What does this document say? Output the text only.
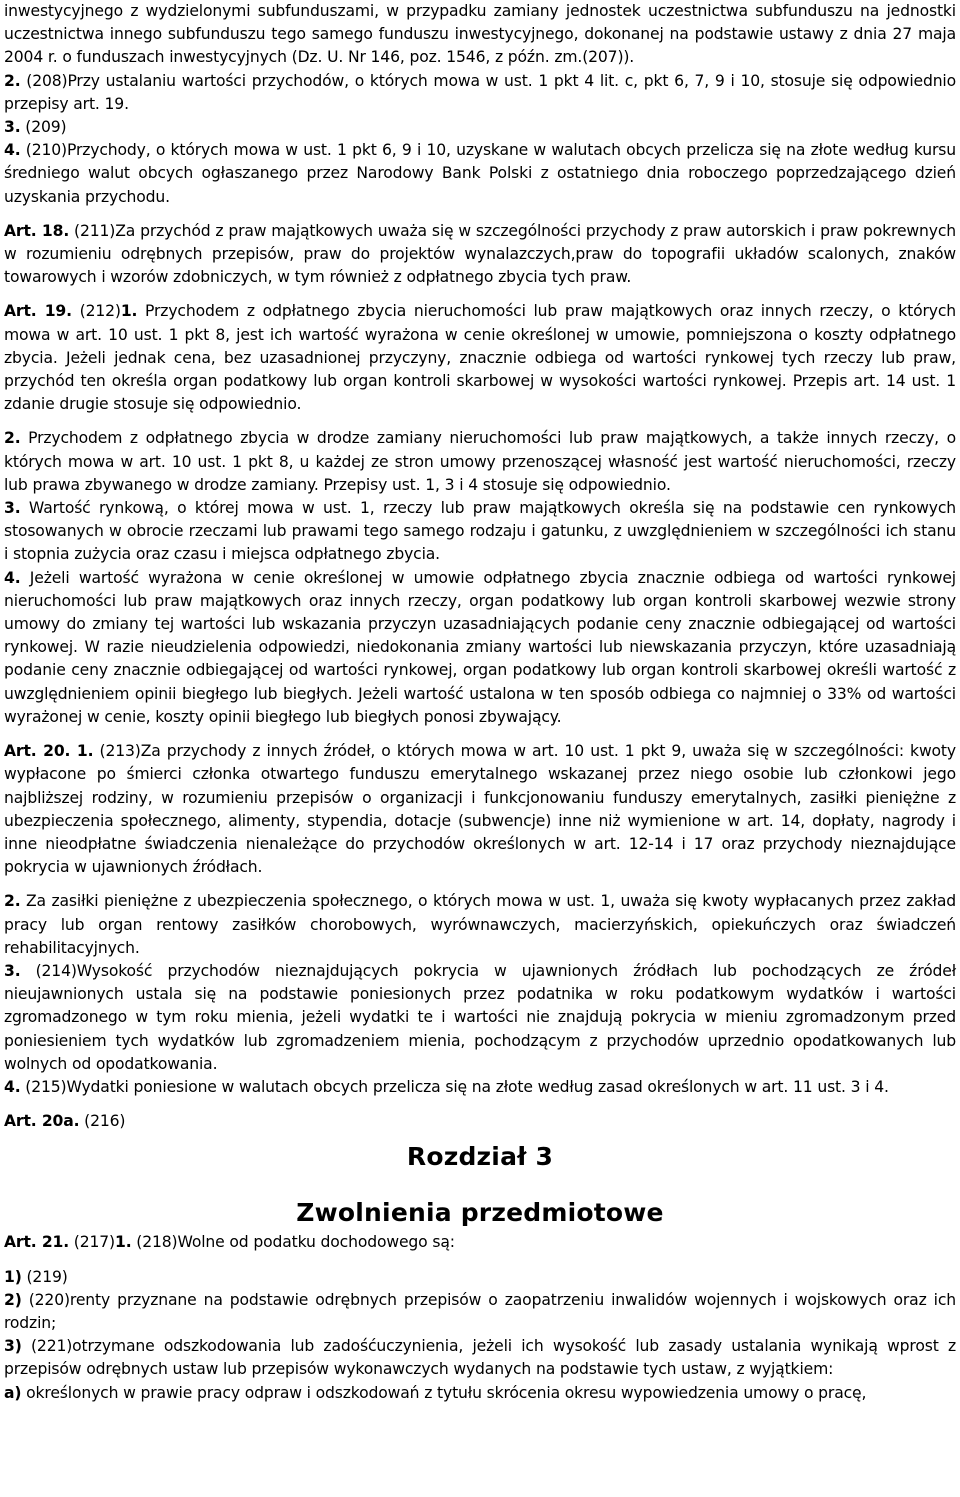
inwestycyjnego z wydzielonymi subfunduszami, w przypadku zamiany jednostek uczestnictwa subfunduszu na jednostki uczestnictwa innego subfunduszu tego samego funduszu inwestycyjnego, dokonanej na podstawie ustawy z dnia 27 maja 2004 r. o funduszach inwestycyjnych (Dz. U. Nr 146, poz. 1546, z późn. zm.(207)).
2. (208)Przy ustalaniu wartości przychodów, o których mowa w ust. 1 pkt 4 lit. c, pkt 6, 7, 9 i 10, stosuje się odpowiednio przepisy art. 19.
3. (209)
4. (210)Przychody, o których mowa w ust. 1 pkt 6, 9 i 10, uzyskane w walutach obcych przelicza się na złote według kursu średniego walut obcych ogłaszanego przez Narodowy Bank Polski z ostatniego dnia roboczego poprzedzającego dzień uzyskania przychodu.
Art. 18. (211)Za przychód z praw majątkowych uważa się w szczególności przychody z praw autorskich i praw pokrewnych w rozumieniu odrębnych przepisów, praw do projektów wynalazczych,praw do topografii układów scalonych, znaków towarowych i wzorów zdobniczych, w tym również z odpłatnego zbycia tych praw.
Art. 19. (212)1. Przychodem z odpłatnego zbycia nieruchomości lub praw majątkowych oraz innych rzeczy, o których mowa w art. 10 ust. 1 pkt 8, jest ich wartość wyrażona w cenie określonej w umowie, pomniejszona o koszty odpłatnego zbycia. Jeżeli jednak cena, bez uzasadnionej przyczyny, znacznie odbiega od wartości rynkowej tych rzeczy lub praw, przychód ten określa organ podatkowy lub organ kontroli skarbowej w wysokości wartości rynkowej. Przepis art. 14 ust. 1 zdanie drugie stosuje się odpowiednio.
2. Przychodem z odpłatnego zbycia w drodze zamiany nieruchomości lub praw majątkowych, a także innych rzeczy, o których mowa w art. 10 ust. 1 pkt 8, u każdej ze stron umowy przenoszącej własność jest wartość nieruchomości, rzeczy lub prawa zbywanego w drodze zamiany. Przepisy ust. 1, 3 i 4 stosuje się odpowiednio.
3. Wartość rynkową, o której mowa w ust. 1, rzeczy lub praw majątkowych określa się na podstawie cen rynkowych stosowanych w obrocie rzeczami lub prawami tego samego rodzaju i gatunku, z uwzględnieniem w szczególności ich stanu i stopnia zużycia oraz czasu i miejsca odpłatnego zbycia.
4. Jeżeli wartość wyrażona w cenie określonej w umowie odpłatnego zbycia znacznie odbiega od wartości rynkowej nieruchomości lub praw majątkowych oraz innych rzeczy, organ podatkowy lub organ kontroli skarbowej wezwie strony umowy do zmiany tej wartości lub wskazania przyczyn uzasadniających podanie ceny znacznie odbiegającej od wartości rynkowej. W razie nieudzielenia odpowiedzi, niedokonania zmiany wartości lub niewskazania przyczyn, które uzasadniają podanie ceny znacznie odbiegającej od wartości rynkowej, organ podatkowy lub organ kontroli skarbowej określi wartość z uwzględnieniem opinii biegłego lub biegłych. Jeżeli wartość ustalona w ten sposób odbiega co najmniej o 33% od wartości wyrażonej w cenie, koszty opinii biegłego lub biegłych ponosi zbywający.
Art. 20. 1. (213)Za przychody z innych źródeł, o których mowa w art. 10 ust. 1 pkt 9, uważa się w szczególności: kwoty wypłacone po śmierci członka otwartego funduszu emerytalnego wskazanej przez niego osobie lub członkowi jego najbliższej rodziny, w rozumieniu przepisów o organizacji i funkcjonowaniu funduszy emerytalnych, zasiłki pieniężne z ubezpieczenia społecznego, alimenty, stypendia, dotacje (subwencje) inne niż wymienione w art. 14, dopłaty, nagrody i inne nieodpłatne świadczenia nienależące do przychodów określonych w art. 12-14 i 17 oraz przychody nieznajdujące pokrycia w ujawnionych źródłach.
2. Za zasiłki pieniężne z ubezpieczenia społecznego, o których mowa w ust. 1, uważa się kwoty wypłacanych przez zakład pracy lub organ rentowy zasiłków chorobowych, wyrównawczych, macierzyńskich, opiekuńczych oraz świadczeń rehabilitacyjnych.
3. (214)Wysokość przychodów nieznajdujących pokrycia w ujawnionych źródłach lub pochodzących ze źródeł nieujawnionych ustala się na podstawie poniesionych przez podatnika w roku podatkowym wydatków i wartości zgromadzonego w tym roku mienia, jeżeli wydatki te i wartości nie znajdują pokrycia w mieniu zgromadzonym przed poniesieniem tych wydatków lub zgromadzeniem mienia, pochodzącym z przychodów uprzednio opodatkowanych lub wolnych od opodatkowania.
4. (215)Wydatki poniesione w walutach obcych przelicza się na złote według zasad określonych w art. 11 ust. 3 i 4.
Art. 20a. (216)
Rozdział 3
Zwolnienia przedmiotowe
Art. 21. (217)1. (218)Wolne od podatku dochodowego są:
1) (219)
2) (220)renty przyznane na podstawie odrębnych przepisów o zaopatrzeniu inwalidów wojennych i wojskowych oraz ich rodzin;
3) (221)otrzymane odszkodowania lub zadośćuczynienia, jeżeli ich wysokość lub zasady ustalania wynikają wprost z przepisów odrębnych ustaw lub przepisów wykonawczych wydanych na podstawie tych ustaw, z wyjątkiem:
a) określonych w prawie pracy odpraw i odszkodowań z tytułu skrócenia okresu wypowiedzenia umowy o pracę,
